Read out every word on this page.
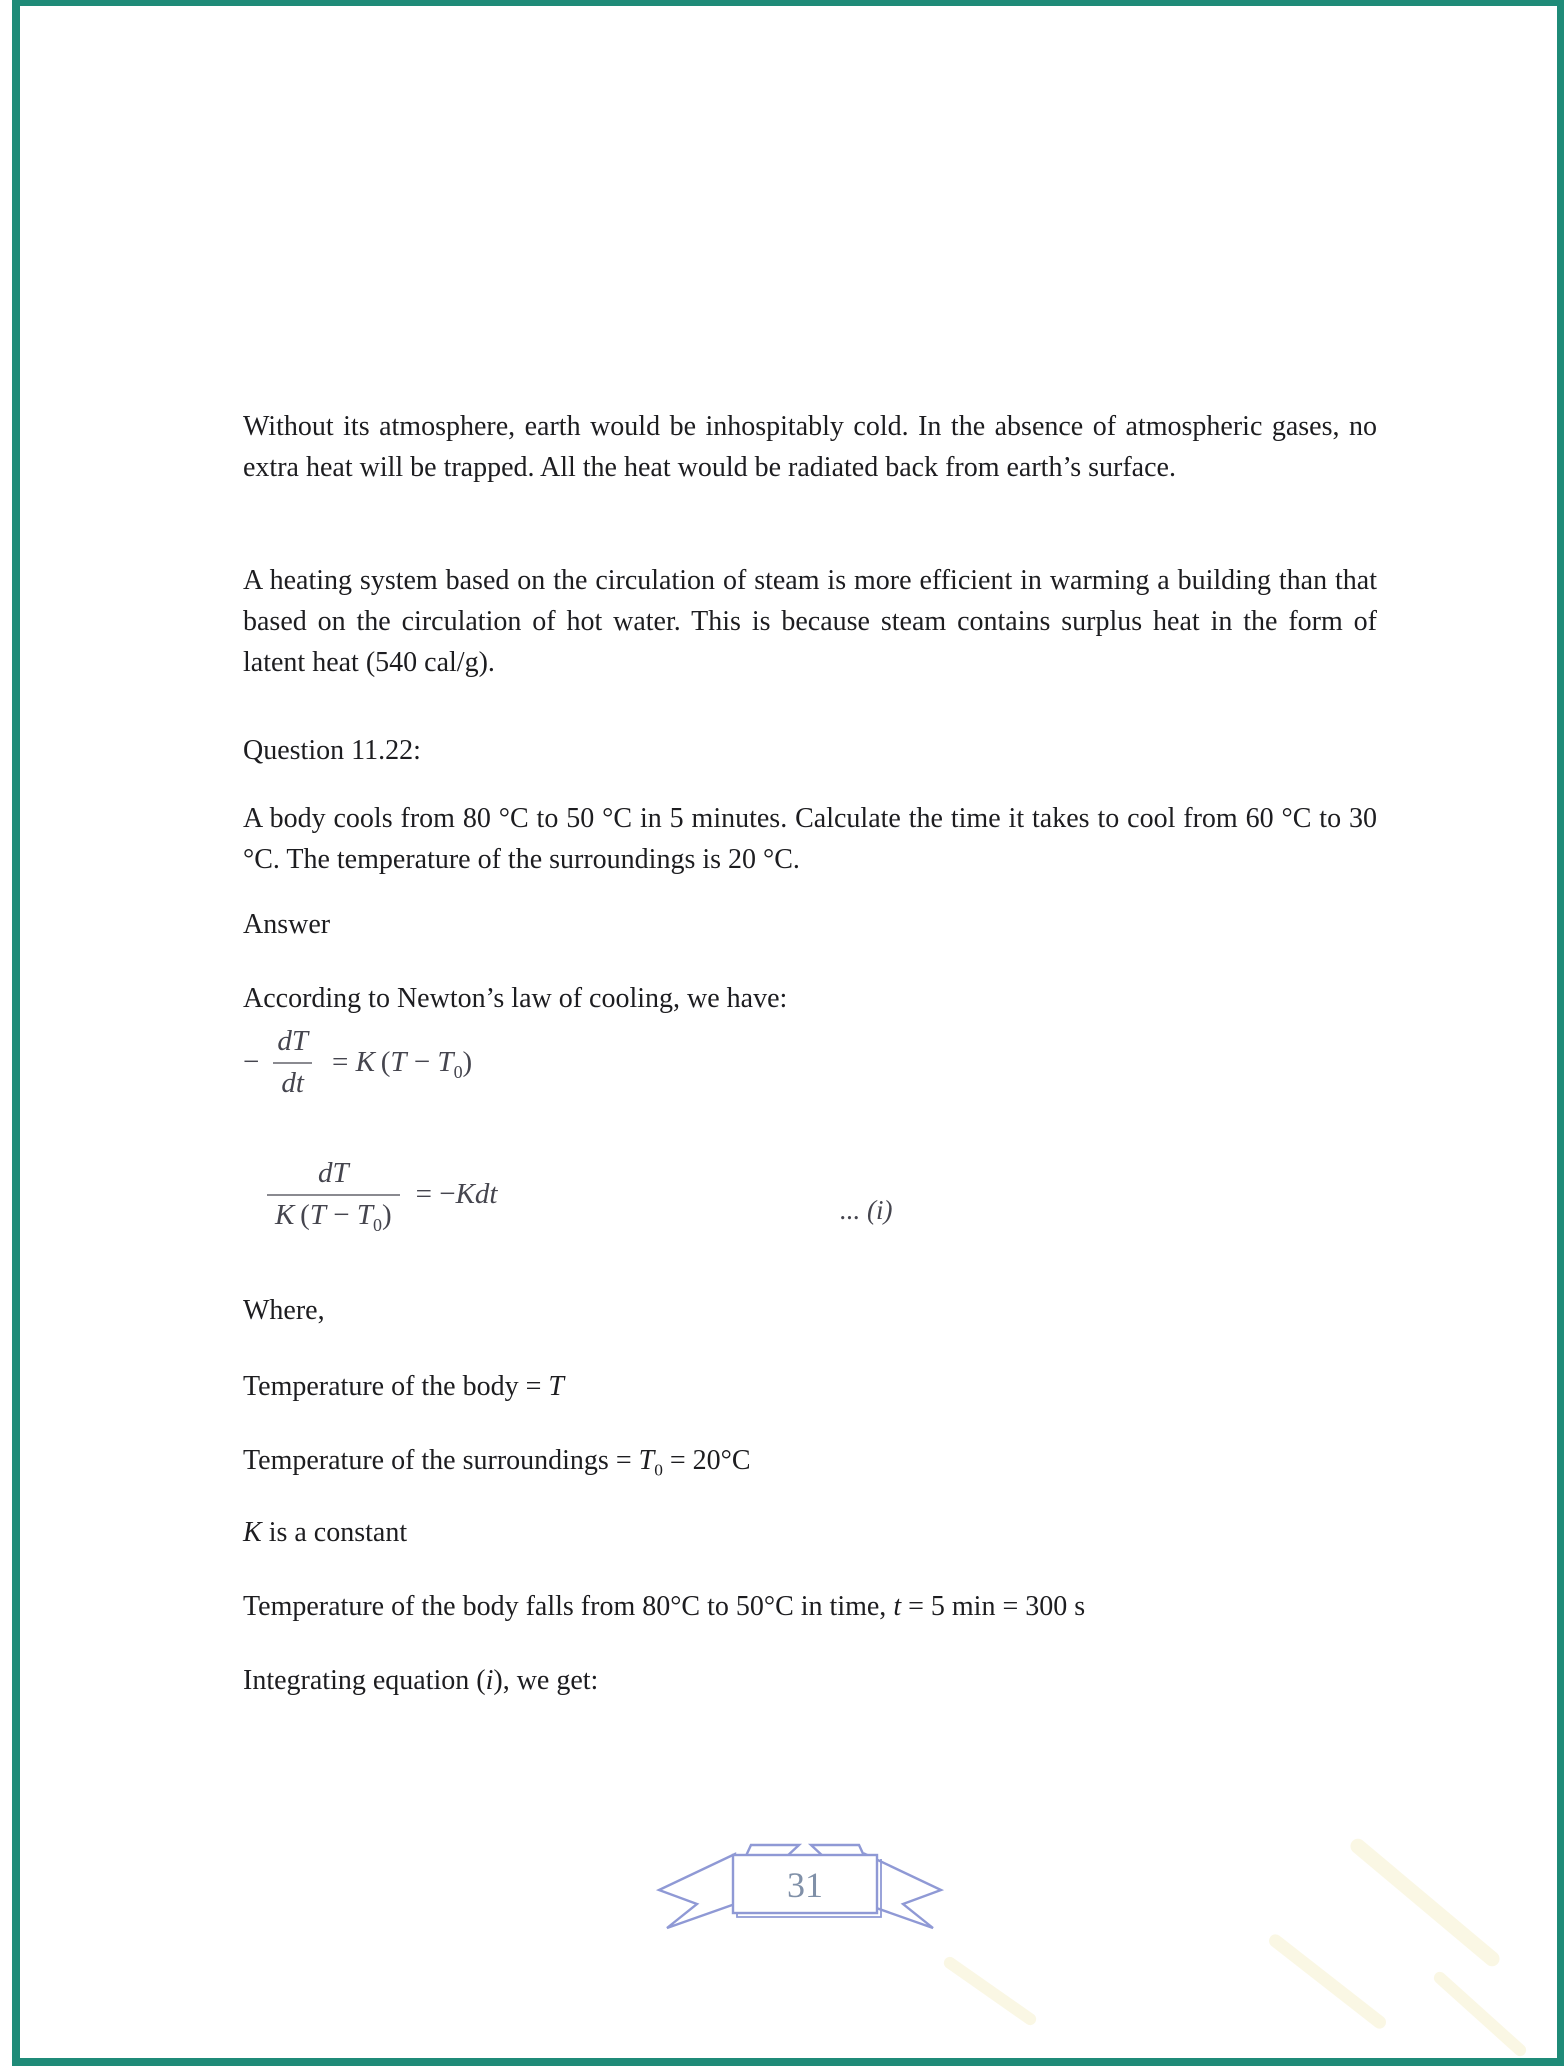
Without its atmosphere, earth would be inhospitably cold. In the absence of atmospheric gases, no extra heat will be trapped. All the heat would be radiated back from earth’s surface.

A heating system based on the circulation of steam is more efficient in warming a building than that based on the circulation of hot water. This is because steam contains surplus heat in the form of latent heat (540 cal/g).

Question 11.22:

A body cools from 80 °C to 50 °C in 5 minutes. Calculate the time it takes to cool from 60 °C to 30 °C. The temperature of the surroundings is 20 °C.

Answer
According to Newton’s law of cooling, we have:
− $\frac{dT}{dt} = K$ $(T - T_0)$
$\frac{dT}{K (T - T_0)} = -Kdt$
... (i)
Where,
Temperature of the body = T
Temperature of the surroundings = $T_0 = 20^\circ C$
K is a constant
Temperature of the body falls from 80°C to 50°C in time, t = 5 min = 300 s
Integrating equation (i), we get:
31
